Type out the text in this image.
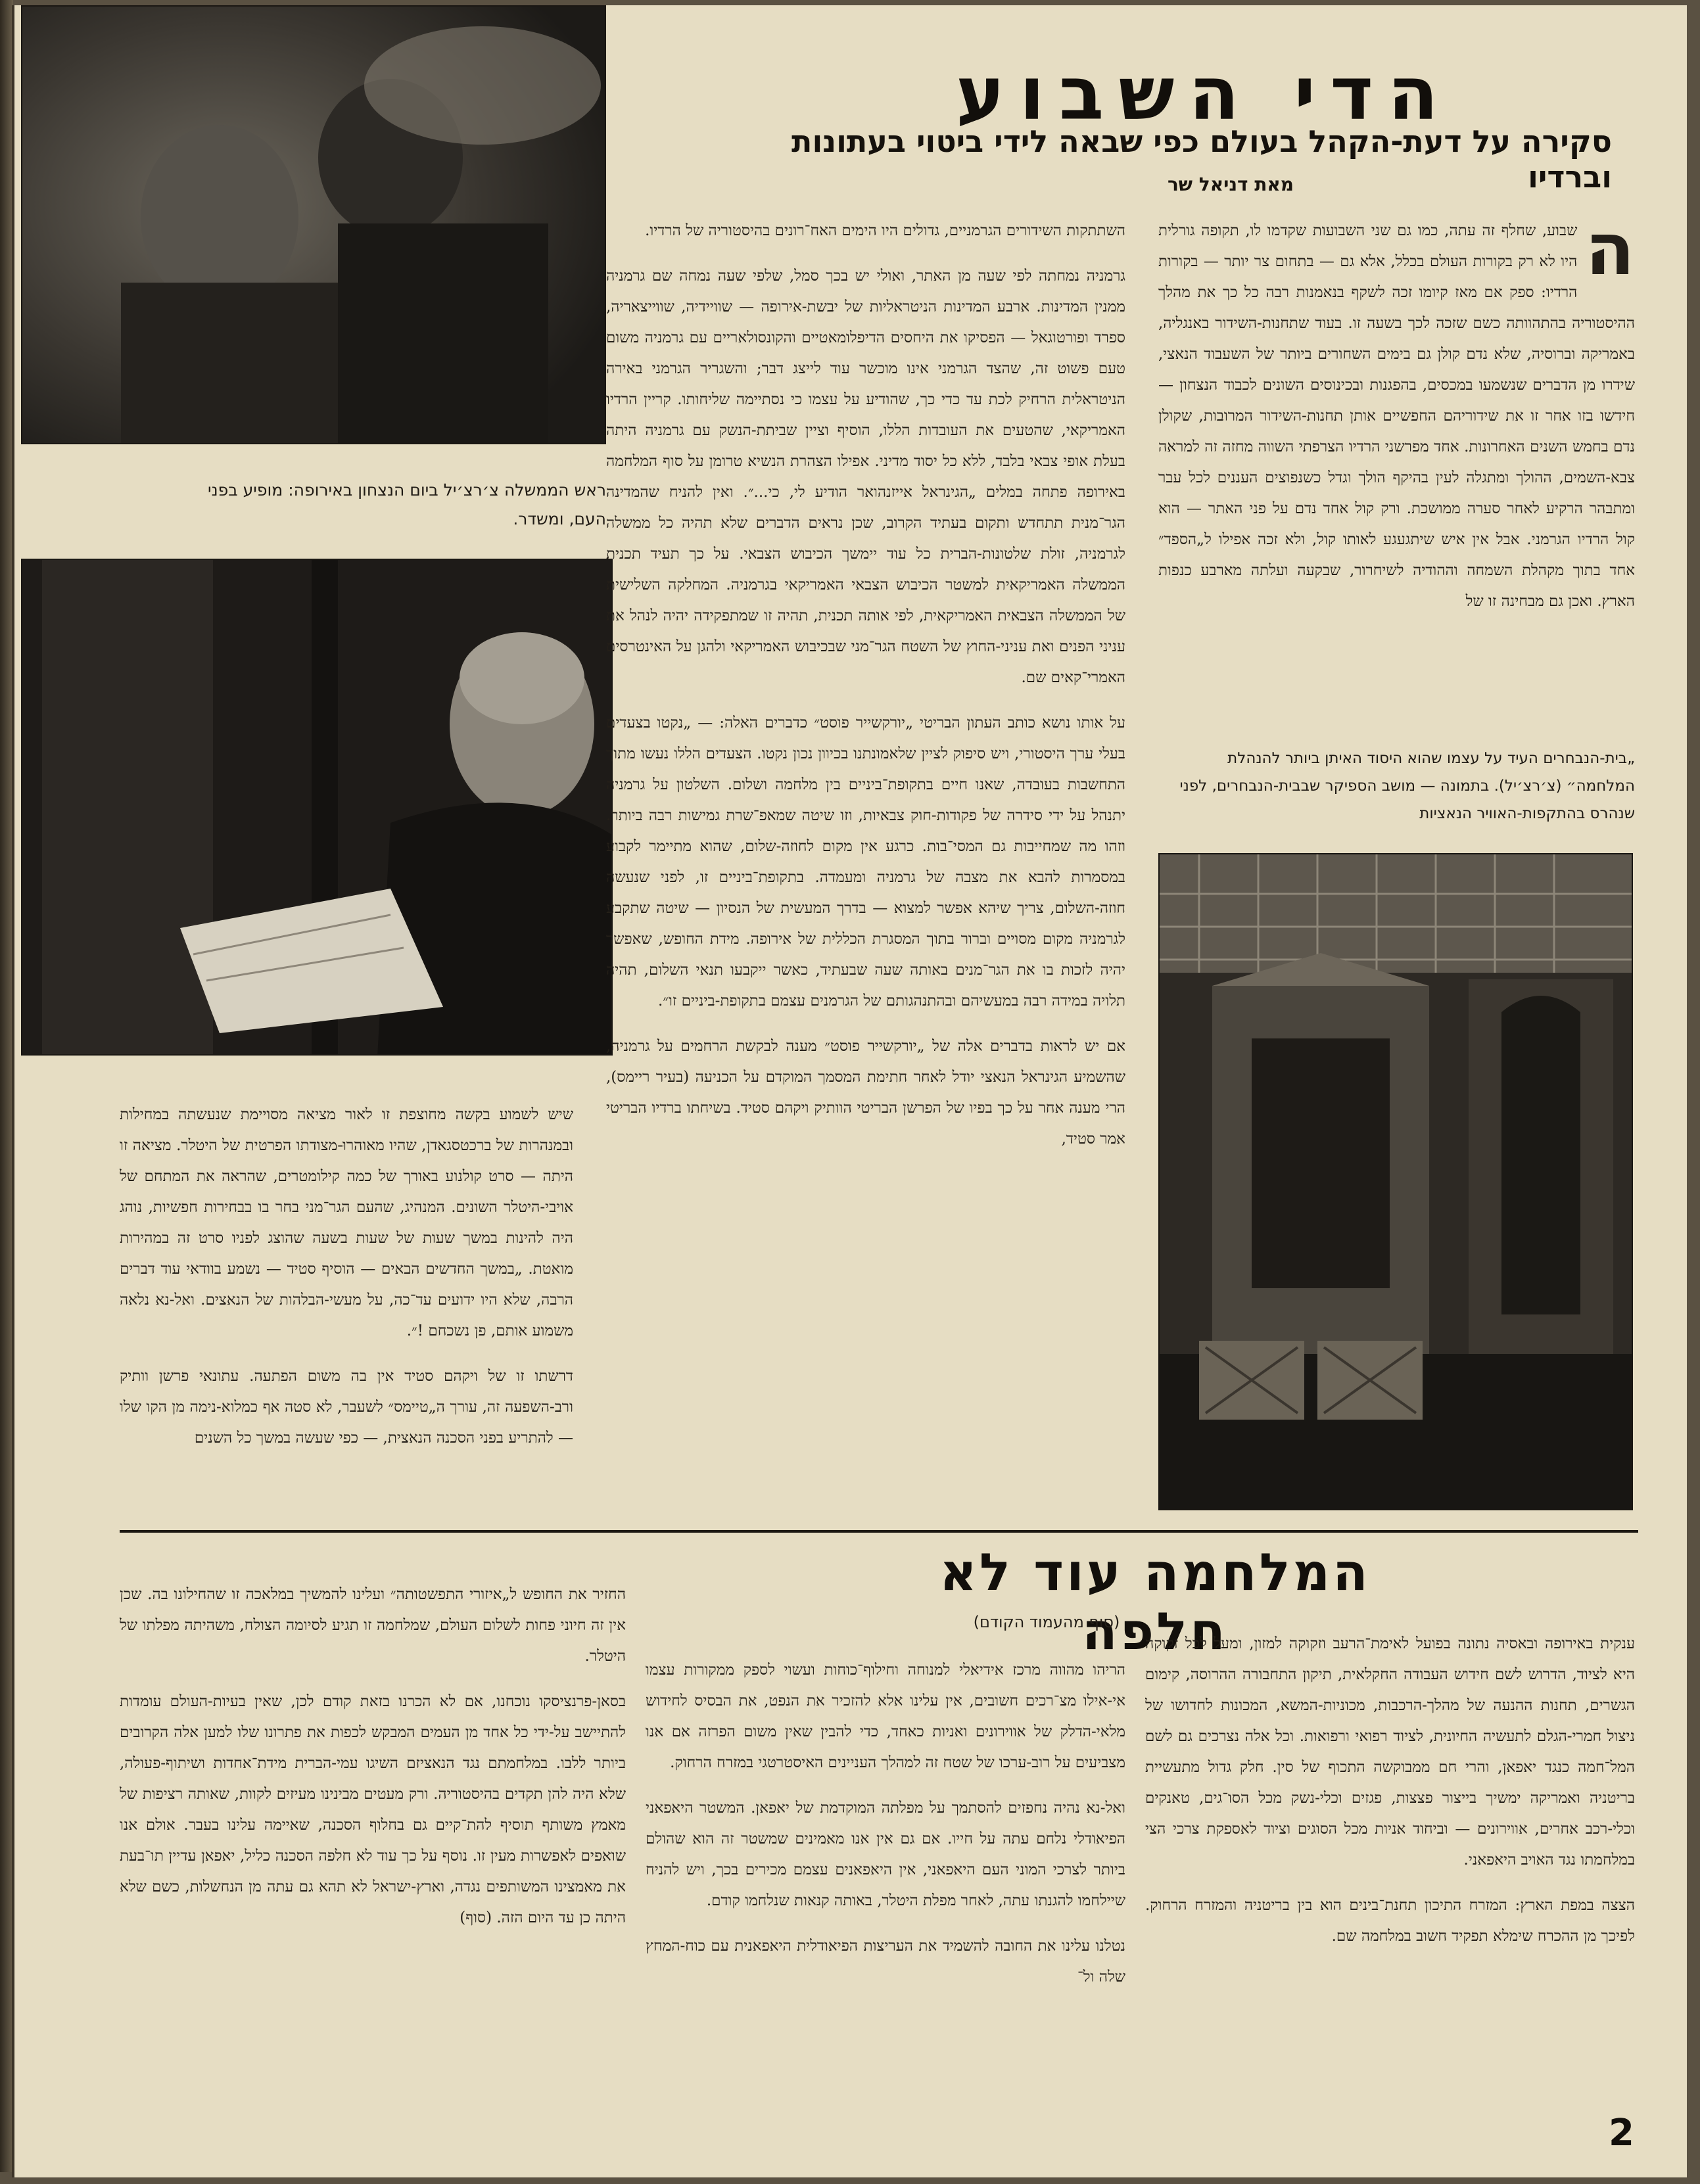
ראש הממשלה צ׳רצ׳יל ביום הנצחון באירופה: מופיע בפני העם, ומשדר.
הדי השבוע
סקירה על דעת-הקהל בעולם כפי שבאה לידי ביטוי בעתונות וברדיו
מאת דניאל שר

ה
שבוע, שחלף זה עתה, כמו גם שני השבועות שקדמו לו, תקופה גורלית היו לא רק בקורות העולם בכלל, אלא גם — בתחום צר יותר — בקורות הרדיו: ספק אם מאז קיומו זכה לשקף בנאמנות רבה כל כך את מהלך ההיסטוריה בהתהוותה כשם שזכה לכך בשעה זו. בעוד שתחנות-השידור באנגליה, באמריקה וברוסיה, שלא נדם קולן גם בימים השחורים ביותר של השעבוד הנאצי, שידרו מן הדברים שנשמעו במכסים, בהפגנות ובכינוסים השונים לכבוד הנצחון — חידשו בזו אחר זו את שידוריהם החפשיים אותן תחנות-השידור המרובות, שקולן נדם בחמש השנים האחרונות. אחד מפרשני הרדיו הצרפתי השווה מחזה זה למראה צבא-השמים, ההולך ומתגלה לעין בהיקף הולך וגדל כשנפוצים העננים לכל עבר ומתבהר הרקיע לאחר סערה ממושכת. ורק קול אחד נדם על פני האתר — הוא קול הרדיו הגרמני. אבל אין איש שיתגעגע לאותו קול, ולא זכה אפילו ל„הספד״ אחד בתוך מקהלת השמחה וההודיה לשיחרור, שבקעה ועלתה מארבע כנפות הארץ. ואכן גם מבחינה זו של

„בית-הנבחרים העיד על עצמו שהוא היסוד האיתן ביותר להנהלת המלחמה״ (צ׳רצ׳יל). בתמונה — מושב הספיקר שבבית-הנבחרים, לפני שנהרס בהתקפות-האוויר הנאציות

השתתקות השידורים הגרמניים, גדולים היו הימים האח־רונים בהיסטוריה של הרדיו.

גרמניה נמחתה לפי שעה מן האתר, ואולי יש בכך סמל, שלפי שעה נמחה שם גרמניה ממנין המדינות. ארבע המדינות הניטראליות של יבשת-אירופה — שוויידיה, שווייצאריה, ספרד ופורטוגאל — הפסיקו את היחסים הדיפלומאטיים והקונסולאריים עם גרמניה משום טעם פשוט זה, שהצד הגרמני אינו מוכשר עוד לייצג דבר; והשגריר הגרמני באירה הניטראלית הרחיק לכת עד כדי כך, שהודיע על עצמו כי נסתיימה שליחותו. קריין הרדיו האמריקאי, שהטעים את העובדות הללו, הוסיף וציין שביתת-הנשק עם גרמניה היתה בעלת אופי צבאי בלבד, ללא כל יסוד מדיני. אפילו הצהרת הנשיא טרומן על סוף המלחמה באירופה פתחה במלים „הגינראל אייזנהואר הודיע לי, כי...״. ואין להניח שהמדינה הגר־מנית תתחדש ותקום בעתיד הקרוב, שכן נראים הדברים שלא תהיה כל ממשלה לגרמניה, זולת שלטונות-הברית כל עוד יימשך הכיבוש הצבאי. על כך תעיד תכנית הממשלה האמריקאית למשטר הכיבוש הצבאי האמריקאי בגרמניה. המחלקה השלישית של הממשלה הצבאית האמריקאית, לפי אותה תכנית, תהיה זו שמתפקידה יהיה לנהל את עניני הפנים ואת עניני-החוץ של השטח הגר־מני שבכיבוש האמריקאי ולהגן על האינטרסים האמרי־קאים שם.

על אותו נושא כותב העתון הבריטי „יורקשייר פוסט״ כדברים האלה: — „נקטו בצעדים בעלי ערך היסטורי, ויש סיפוק לציין שלאמונתנו בכיוון נכון נקטו. הצעדים הללו נעשו מתוך התחשבות בעובדה, שאנו חיים בתקופת־ביניים בין מלחמה ושלום. השלטון על גרמניה יתנהל על ידי סידרה של פקודות-חוק צבאיות, וזו שיטה שמאפ־שרת גמישות רבה ביותר. וזהו מה שמחייבות גם המסי־בות. כרגע אין מקום לחוזה-שלום, שהוא מתיימר לקבוע במסמרות להבא את מצבה של גרמניה ומעמדה. בתקופת־ביניים זו, לפני שנעשה חוזה-השלום, צריך שיהא אפשר למצוא — בדרך המעשית של הנסיון — שיטה שתקבע לגרמניה מקום מסויים וברור בתוך המסגרת הכללית של אירופה. מידת החופש, שאפשר יהיה לזכות בו את הגר־מנים באותה שעה שבעתיד, כאשר ייקבעו תנאי השלום, תהיה תלויה במידה רבה במעשיהם ובהתנהגותם של הגרמנים עצמם בתקופת-ביניים זו״.

אם יש לראות בדברים אלה של „יורקשייר פוסט״ מענה לבקשת הרחמים על גרמניה, שהשמיע הגינראל הנאצי יודל לאחר חתימת המסמך המוקדם על הכניעה (בעיר ריימס), הרי מענה אחר על כך בפיו של הפרשן הבריטי הוותיק ויקהם סטיד. בשיחתו ברדיו הבריטי אמר סטיד,

שיש לשמוע בקשה מחוצפת זו לאור מציאה מסויימת שנעשתה במחילות ובמנהרות של ברכטסגאדן, שהיו מאוהרוּ-מצודתו הפרטית של היטלר. מציאה זו היתה — סרט קולנוע באורך של כמה קילומטרים, שהראה את המתחם של אויבי-היטלר השונים. המנהיג, שהעם הגר־מני בחר בו בבחירות חפשיות, נוהג היה להינות במשך שעות של שעות בשעה שהוצג לפניו סרט זה במהירות מואטת. „במשך החדשים הבאים — הוסיף סטיד — נשמע בוודאי עוד דברים הרבה, שלא היו ידועים עד־כה, על מעשי-הבלהות של הנאצים. ואל-נא נלאה משמוע אותם, פן נשכחם !״.

דרשתו זו של ויקהם סטיד אין בה משום הפתעה. עתונאי פרשן וותיק ורב-השפעה זה, עורך ה„טיימס״ לשעבר, לא סטה אף כמלוא-נימה מן הקו שלו — להתריע בפני הסכנה הנאצית, — כפי שעשה במשך כל השנים

המלחמה עוד לא חלפה
(סוף מהעמוד הקודם)

ענקית באירופה ובאסיה נתונה בפועל לאימת־הרעב וזקוקה למזון, ומעל לכל זקוקה היא לציוד, הדרוש לשם חידוש העבודה החקלאית, תיקון התחבורה ההרוסה, קימום הגשרים, תחנות ההנעה של מהלך-הרכבות, מכוניות-המשא, המכונות לחדושו של ניצול חמרי-הגלם לתעשיה החיונית, לציוד רפואי ורפואות. וכל אלה נצרכים גם לשם המל־חמה כנגד יאפאן, והרי חם ממבוקשה התכוף של סין. חלק גדול מתעשיית בריטניה ואמריקה ימשיך בייצור פצצות, פגזים וכלי-נשק מכל הסו־גים, טאנקים וכלי-רכב אחרים, אווירונים — וביחוד אניות מכל הסוגים וציוד לאספקת צרכי הצי במלחמתו נגד האויב היאפאני.

הצצה במפת הארץ: המזרח התיכון תחנת־בינים הוא בין בריטניה והמזרח הרחוק. לפיכך מן ההכרח שימלא תפקיד חשוב במלחמה שם.

הריהו מהווה מרכז אידיאלי למנוחה וחילוף־כוחות ועשוי לספק ממקורות עצמו אי-אילו מצ־רכים חשובים, אין עלינו אלא להזכיר את הנפט, את הבסיס לחידוש מלאי-הדלק של אווירונים ואניות כאחד, כדי להבין שאין משום הפרזה אם אנו מצביעים על רוב-ערכו של שטח זה למהלך העניינים האיסטרטגי במזרח הרחוק.

ואל-נא נהיה נחפזים להסתמך על מפלתה המוקדמת של יאפאן. המשטר היאפאני הפיאודלי נלחם עתה על חייו. אם גם אין אנו מאמינים שמשטר זה הוא שהולם ביותר לצרכי המוני העם היאפאני, אין היאפאנים עצמם מכירים בכך, ויש להניח שיילחמו להגנתו עתה, לאחר מפלת היטלר, באותה קנאות שנלחמו קודם.

נטלנו עלינו את החובה להשמיד את העריצות הפיאודלית היאפאנית עם כוח-המחץ שלה ול־

החזיר את החופש ל„איזורי התפשטותה״ ועלינו להמשיך במלאכה זו שהחילונו בה. שכן אין זה חיוני פחות לשלום העולם, שמלחמה זו תגיע לסיומה הצולח, משהיתה מפלתו של היטלר.

בסאן-פרנציסקו נוכחנו, אם לא הכרנו בזאת קודם לכן, שאין בעיות-העולם עומדות להתיישב על-ידי כל אחד מן העמים המבקש לכפות את פתרונו שלו למען אלה הקרובים ביותר ללבו. במלחמתם נגד הנאציזם השיגו עמי-הברית מידת־אחדות ושיתוף-פעולה, שלא היה להן תקדים בהיסטוריה. ורק מעטים מבינינו מעיזים לקוות, שאותה רציפות של מאמץ משותף תוסיף להת־קיים גם בחלוף הסכנה, שאיימה עלינו בעבר. אולם אנו שואפים לאפשרות מעין זו. נוסף על כך עוד לא חלפה הסכנה כליל, יאפאן עדיין תו־בעת את מאמצינו המשותפים נגדה, וארץ-ישראל לא תהא גם עתה מן הנחשלות, כשם שלא היתה כן עד היום הזה. (סוף)

2
